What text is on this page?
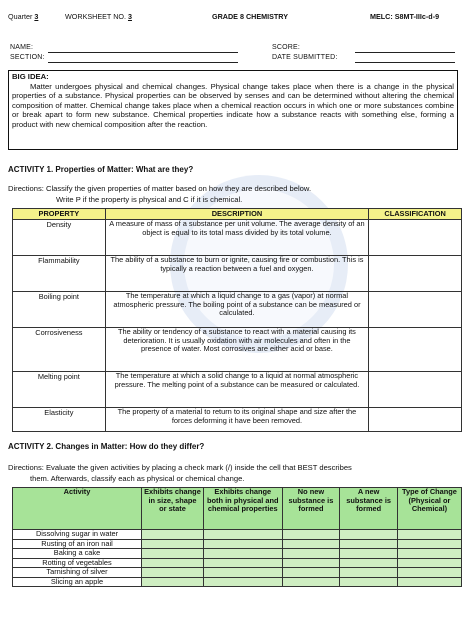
Quarter 3	WORKSHEET NO. 3	GRADE 8 CHEMISTRY	MELC: S8MT-IIIc-d-9
NAME:
SECTION:
SCORE:
DATE SUBMITTED:
BIG IDEA:

Matter undergoes physical and chemical changes. Physical change takes place when there is a change in the physical properties of a substance. Physical properties can be observed by senses and can be determined without altering the chemical composition of matter. Chemical change takes place when a chemical reaction occurs in which one or more substances combine or break apart to form new substance. Chemical properties indicate how a substance reacts with something else, forming a product with new chemical composition after the reaction.

ACTIVITY 1. Properties of Matter: What are they?
Directions: Classify the given properties of matter based on how they are described below.
Write P if the property is physical and C if it is chemical.
PROPERTY	DESCRIPTION	CLASSIFICATION
Density	A measure of mass of a substance per unit volume. The average density of an object is equal to its total mass divided by its total volume.	
Flammability	The ability of a substance to burn or ignite, causing fire or combustion. This is typically a reaction between a fuel and oxygen.	
Boiling point	The temperature at which a liquid change to a gas (vapor) at normal atmospheric pressure. The boiling point of a substance can be measured or calculated.	
Corrosiveness	The ability or tendency of a substance to react with a material causing its deterioration. It is usually oxidation with air molecules and often in the presence of water. Most corrosives are either acid or base.	
Melting point	The temperature at which a solid change to a liquid at normal atmospheric pressure. The melting point of a substance can be measured or calculated.	
Elasticity	The property of a material to return to its original shape and size after the forces deforming it have been removed.	
ACTIVITY 2. Changes in Matter: How do they differ?
Directions: Evaluate the given activities by placing a check mark (/) inside the cell that BEST describes
them. Afterwards, classify each as physical or chemical change.
Activity	Exhibits change in size, shape or state	Exhibits change both in physical and chemical properties	No new substance is formed	A new substance is formed	Type of Change (Physical or Chemical)
Dissolving sugar in water					
Rusting of an iron nail					
Baking a cake					
Rotting of vegetables					
Tarnishing of silver					
Slicing an apple					
